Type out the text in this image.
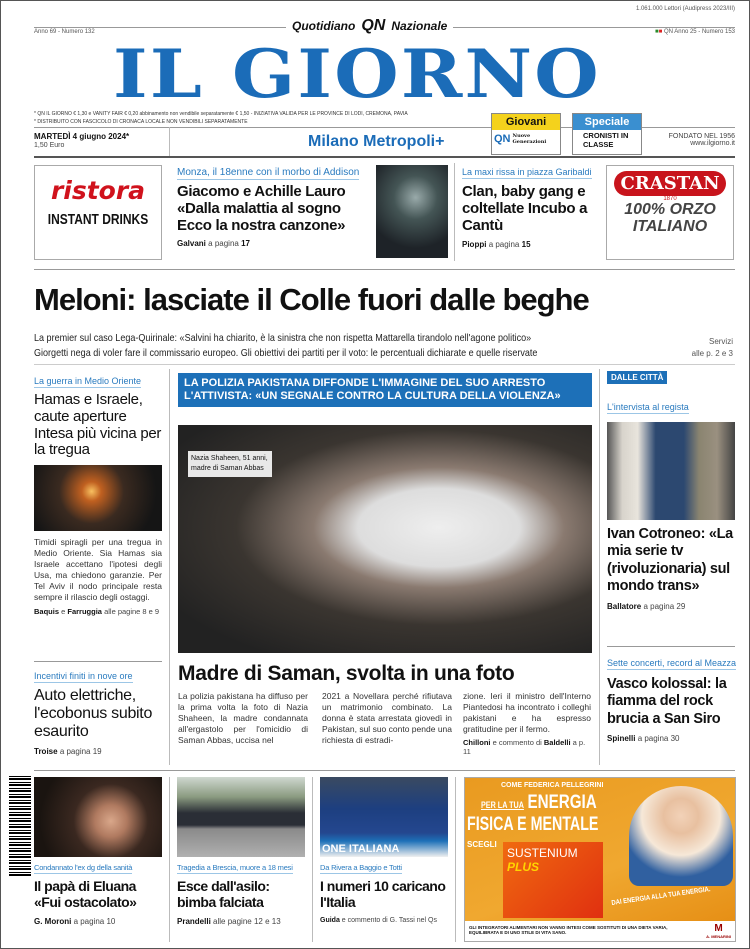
1.061.000 Lettori (Audipress 2023/III)
Anno 69 - Numero 132	Quotidiano QN Nazionale	■■ QN Anno 25 - Numero 153
IL GIORNO
* QN IL GIORNO € 1,30 e VANITY FAIR € 0,20 abbinamento non vendibile separatamente € 1,50 - INIZIATIVA VALIDA PER LE PROVINCE DI LODI, CREMONA, PAVIA
* DISTRIBUITO CON FASCICOLO DI CRONACA LOCALE NON VENDIBILI SEPARATAMENTE
MARTEDÌ 4 giugno 2024*
1,50 Euro	Milano Metropoli+
Giovani
QN Nuove Generazioni
Speciale
CRONISTI IN CLASSE
FONDATO NEL 1956
www.ilgiorno.it
ristora
INSTANT DRINKS
Monza, il 18enne con il morbo di Addison
Giacomo e Achille Lauro «Dalla malattia al sogno Ecco la nostra canzone»
Galvani a pagina 17
La maxi rissa in piazza Garibaldi
Clan, baby gang e coltellate Incubo a Cantù
Pioppi a pagina 15
CRASTAN
1870
100% ORZO ITALIANO
Meloni: lasciate il Colle fuori dalle beghe
La premier sul caso Lega-Quirinale: «Salvini ha chiarito, è la sinistra che non rispetta Mattarella tirandolo nell'agone politico»
Giorgetti nega di voler fare il commissario europeo. Gli obiettivi dei partiti per il voto: le percentuali dichiarate e quelle riservate
Servizi
alle p. 2 e 3
La guerra in Medio Oriente
Hamas e Israele, caute aperture Intesa più vicina per la tregua
Timidi spiragli per una tregua in Medio Oriente. Sia Hamas sia Israele accettano l'ipotesi degli Usa, ma chiedono garanzie. Per Tel Aviv il nodo principale resta sempre il rilascio degli ostaggi.
Baquis e Farruggia alle pagine 8 e 9
Incentivi finiti in nove ore
Auto elettriche, l'ecobonus subito esaurito
Troise a pagina 19
LA POLIZIA PAKISTANA DIFFONDE L'IMMAGINE DEL SUO ARRESTO L'ATTIVISTA: «UN SEGNALE CONTRO LA CULTURA DELLA VIOLENZA»
Nazia Shaheen, 51 anni, madre di Saman Abbas
Madre di Saman, svolta in una foto
La polizia pakistana ha diffuso per la prima volta la foto di Nazia Shaheen, la madre condannata all'ergastolo per l'omicidio di Saman Abbas, uccisa nel
2021 a Novellara perché rifiutava un matrimonio combinato. La donna è stata arrestata giovedì in Pakistan, sul suo conto pende una richiesta di estradi-
zione. Ieri il ministro dell'Interno Piantedosi ha incontrato i colleghi pakistani e ha espresso gratitudine per il fermo.
Chilloni e commento di Baldelli a p. 11
DALLE CITTÀ
L'intervista al regista
Ivan Cotroneo: «La mia serie tv (rivoluzionaria) sul mondo trans»
Ballatore a pagina 29
Sette concerti, record al Meazza
Vasco kolossal: la fiamma del rock brucia a San Siro
Spinelli a pagina 30
Condannato l'ex dg della sanità
Il papà di Eluana «Fui ostacolato»
G. Moroni a pagina 10
Tragedia a Brescia, muore a 18 mesi
Esce dall'asilo: bimba falciata
Prandelli alle pagine 12 e 13
ONE ITALIANA
Da Rivera a Baggio e Totti
I numeri 10 caricano l'Italia
Guida e commento di G. Tassi nel Qs
COME FEDERICA PELLEGRINI
PER LA TUA ENERGIA
FISICA E MENTALE
SCEGLI
SUSTENIUM
PLUS
DAI ENERGIA ALLA TUA ENERGIA.
GLI INTEGRATORI ALIMENTARI NON VANNO INTESI COME SOSTITUTI DI UNA DIETA VARIA, EQUILIBRATA E DI UNO STILE DI VITA SANO.	M
A. MENARINI
